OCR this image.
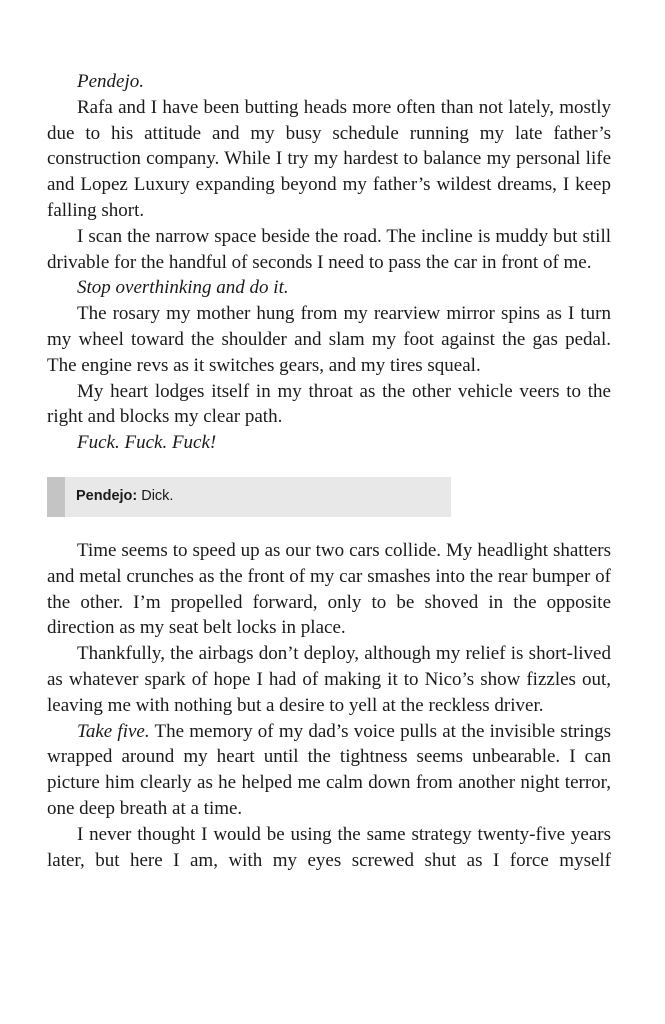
Pendejo.

Rafa and I have been butting heads more often than not lately, mostly due to his attitude and my busy schedule running my late father’s construction company. While I try my hardest to balance my personal life and Lopez Luxury expanding beyond my father’s wildest dreams, I keep falling short.

I scan the narrow space beside the road. The incline is muddy but still drivable for the handful of seconds I need to pass the car in front of me.

Stop overthinking and do it.

The rosary my mother hung from my rearview mirror spins as I turn my wheel toward the shoulder and slam my foot against the gas pedal. The engine revs as it switches gears, and my tires squeal.

My heart lodges itself in my throat as the other vehicle veers to the right and blocks my clear path.

Fuck. Fuck. Fuck!

Pendejo: Dick.

Time seems to speed up as our two cars collide. My headlight shatters and metal crunches as the front of my car smashes into the rear bumper of the other. I’m propelled forward, only to be shoved in the opposite direction as my seat belt locks in place.

Thankfully, the airbags don’t deploy, although my relief is short-lived as whatever spark of hope I had of making it to Nico’s show fizzles out, leaving me with nothing but a desire to yell at the reckless driver.

Take five. The memory of my dad’s voice pulls at the invisible strings wrapped around my heart until the tightness seems unbearable. I can picture him clearly as he helped me calm down from another night terror, one deep breath at a time.

I never thought I would be using the same strategy twenty-five years later, but here I am, with my eyes screwed shut as I force myself
